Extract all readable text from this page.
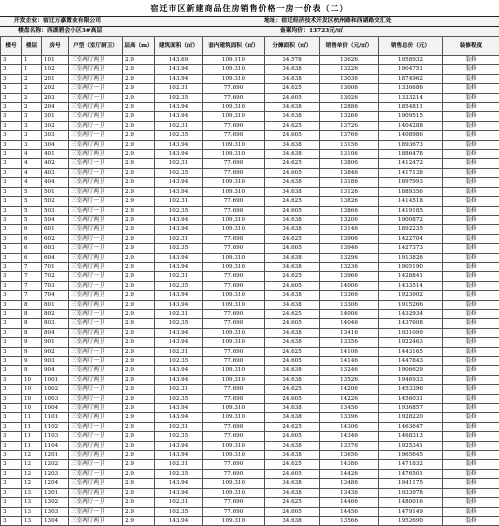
宿迁市区新建商品住房销售价格一房一价表（二）
开发企业：宿迁万嘉置业有限公司	地址：宿迁经济技术开发区杭州路和西湖路交汇处
楼盘名称：西湖碧会小区3#高层	备案均价：13723元/㎡
楼号	楼层	房号	户型（室厅厨卫）	层高（m）	建筑面积（㎡）	套内建筑面积（㎡）	分摊面积（㎡）	销售单价（元/㎡）	销售总价（元）	装修程度
3	1	101	三室两厅两卫	2.9	143.69	109.110	34.578	13626	1958932	装修
3	1	102	三室两厅两卫	2.9	143.94	109.310	34.638	13226	1904751	装修
3	2	201	三室两厅两卫	2.9	143.94	109.310	34.638	13036	1874962	装修
3	2	202	三室两厅一卫	2.9	102.31	77.690	24.625	13006	1330686	装修
3	2	203	三室两厅一卫	2.9	102.35	77.690	24.605	13026	1333214	装修
3	2	204	三室两厅两卫	2.9	143.94	109.310	34.638	12886	1854811	装修
3	3	301	三室两厅两卫	2.9	143.94	109.310	34.638	13266	1909515	装修
3	3	302	三室两厅一卫	2.9	102.31	77.690	24.625	13726	1404288	装修
3	3	303	三室两厅一卫	2.9	102.35	77.690	24.605	13766	1408986	装修
3	3	304	三室两厅两卫	2.9	143.94	109.310	34.638	13156	1893673	装修
3	4	401	三室两厅两卫	2.9	143.94	109.310	34.638	13106	1886478	装修
3	4	402	三室两厅一卫	2.9	102.31	77.690	24.625	13806	1412472	装修
3	4	403	三室两厅一卫	2.9	102.35	77.690	24.605	13846	1417138	装修
3	4	404	三室两厅两卫	2.9	143.94	109.310	34.638	13186	1897993	装修
3	5	501	三室两厅两卫	2.9	143.94	109.310	34.638	13126	1889356	装修
3	5	502	三室两厅一卫	2.9	102.31	77.690	24.625	13826	1414518	装修
3	5	503	三室两厅一卫	2.9	102.35	77.690	24.605	13866	1419185	装修
3	5	504	三室两厅两卫	2.9	143.94	109.310	34.638	13206	1900872	装修
3	6	601	三室两厅两卫	2.9	143.94	109.310	34.638	13146	1892235	装修
3	6	602	三室两厅一卫	2.9	102.31	77.690	24.625	13906	1422704	装修
3	6	603	三室两厅一卫	2.9	102.35	77.690	24.605	13946	1427373	装修
3	6	604	三室两厅两卫	2.9	143.94	109.310	34.638	13296	1913826	装修
3	7	701	三室两厅两卫	2.9	143.94	109.310	34.638	13236	1905190	装修
3	7	702	三室两厅一卫	2.9	102.31	77.690	24.625	13966	1428841	装修
3	7	703	三室两厅一卫	2.9	102.35	77.690	24.605	14006	1433514	装修
3	7	704	三室两厅两卫	2.9	143.94	109.310	34.638	13366	1923902	装修
3	8	801	三室两厅两卫	2.9	143.94	109.310	34.638	13306	1915266	装修
3	8	802	三室两厅一卫	2.9	102.31	77.690	24.625	14006	1432934	装修
3	8	803	三室两厅一卫	2.9	102.35	77.690	24.605	14046	1437608	装修
3	8	804	三室两厅两卫	2.9	143.94	109.310	34.638	13416	1931099	装修
3	9	901	三室两厅两卫	2.9	143.94	109.310	34.638	13356	1922463	装修
3	9	902	三室两厅一卫	2.9	102.31	77.690	24.625	14106	1443165	装修
3	9	903	三室两厅一卫	2.9	102.35	77.690	24.605	14146	1447843	装修
3	9	904	三室两厅两卫	2.9	143.94	109.310	34.638	13246	1906629	装修
3	10	1001	三室两厅两卫	2.9	143.94	109.310	34.638	13526	1946933	装修
3	10	1002	三室两厅一卫	2.9	102.31	77.690	24.625	14206	1453396	装修
3	10	1003	三室两厅一卫	2.9	102.35	77.690	24.605	14226	1456031	装修
3	10	1004	三室两厅两卫	2.9	143.94	109.310	34.638	13456	1936857	装修
3	11	1101	三室两厅两卫	2.9	143.94	109.310	34.638	13396	1928220	装修
3	11	1102	三室两厅一卫	2.9	102.31	77.690	24.625	14306	1463647	装修
3	11	1103	三室两厅一卫	2.9	102.35	77.690	24.605	14346	1468313	装修
3	11	1104	三室两厅两卫	2.9	143.94	109.310	34.638	13376	1925341	装修
3	12	1201	三室两厅两卫	2.9	143.94	109.310	34.638	13656	1965645	装修
3	12	1202	三室两厅一卫	2.9	102.31	77.690	24.625	14386	1471832	装修
3	12	1203	三室两厅一卫	2.9	102.35	77.690	24.605	14426	1476501	装修
3	12	1204	三室两厅两卫	2.9	143.94	109.310	34.638	13486	1941175	装修
3	13	1301	三室两厅两卫	2.9	143.94	109.310	34.638	13436	1933978	装修
3	13	1302	三室两厅一卫	2.9	102.31	77.690	24.625	14466	1480016	装修
3	13	1303	三室两厅一卫	2.9	102.35	77.690	24.605	14456	1479149	装修
3	13	1304	三室两厅两卫	2.9	143.94	109.310	34.638	13566	1952690	装修
